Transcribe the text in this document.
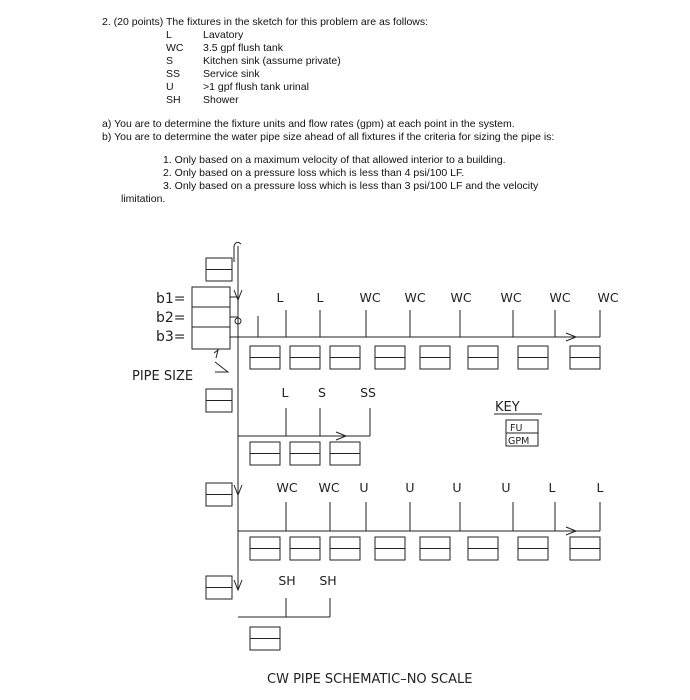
2. (20 points) The fixtures in the sketch for this problem are as follows:
L	Lavatory
WC 3.5 gpf flush tank
S	Kitchen sink (assume private)
SS Service sink
U	>1 gpf flush tank urinal
SH Shower
a) You are to determine the fixture units and flow rates (gpm) at each point in the system.
b) You are to determine the water pipe size ahead of all fixtures if the criteria for sizing the pipe is:
1. Only based on a maximum velocity of that allowed interior to a building.
2. Only based on a pressure loss which is less than 4 psi/100 LF.
3. Only based on a pressure loss which is less than 3 psi/100 LF and the velocity
limitation.
b1=
b2=
b3=
PIPE SIZE
L	L	WC WC WC WC WC WC
L S	SS
WC WC U	U	U	U	L	L
SH SH
KEY
FU
GPM
CW PIPE SCHEMATIC–NO SCALE
